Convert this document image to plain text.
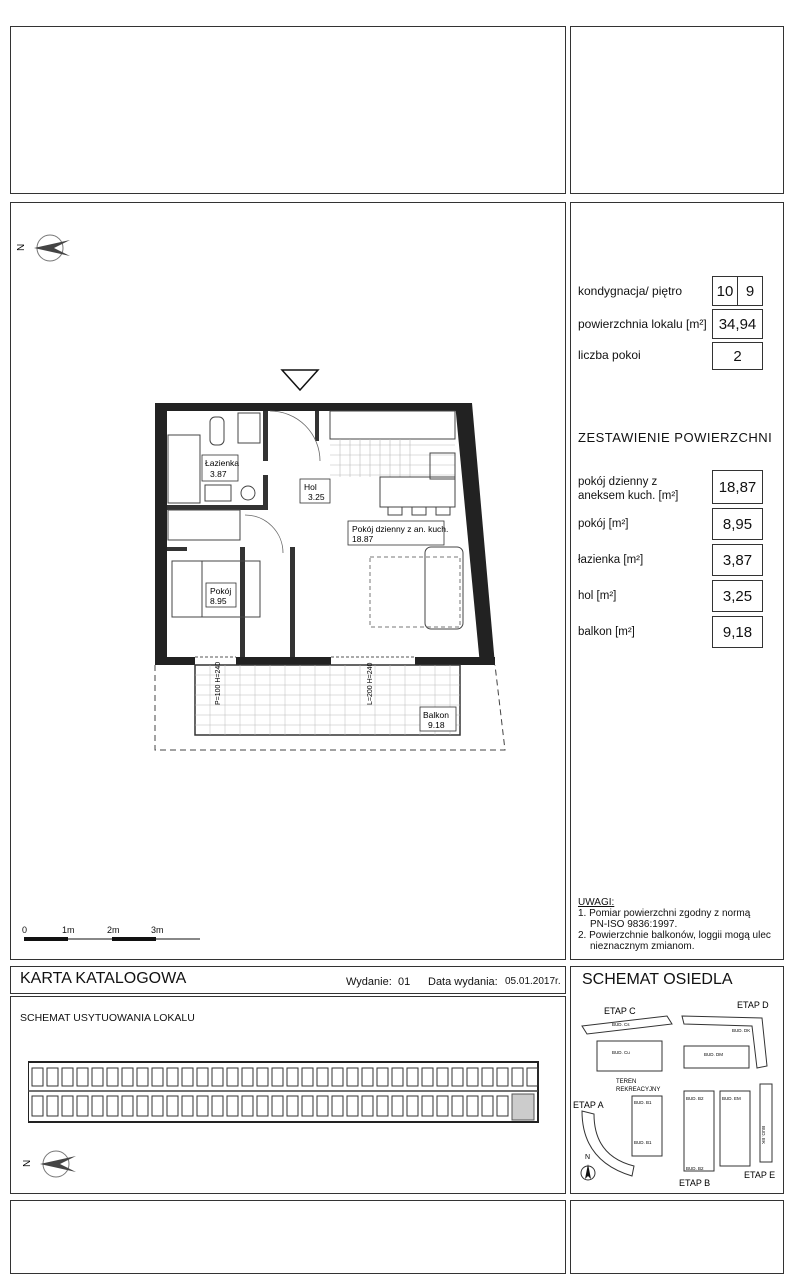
kondygnacja/ piętro 10 9
powierzchnia lokalu [m²] 34,94
liczba pokoi	2
ZESTAWIENIE POWIERZCHNI
pokój dzienny z
aneksem kuch. [m²]
18,87
pokój [m²]	8,95
łazienka [m²]	3,87
hol [m²]	3,25
balkon [m²]	9,18
UWAGI:
1. Pomiar powierzchni zgodny z normą
PN-ISO 9836:1997.
2. Powierzchnie balkonów, loggii mogą ulec
nieznacznym zmianom.
N
Łazienka
3.87
Hol
3.25
Pokój dzienny z an. kuch.
18.87
Pokój
8.95
Balkon
9.18
P=100 H=240	L=200 H=240
0	1m	2m	3m
KARTA KATALOGOWA	Wydanie: 01 Data wydania: 05.01.2017r.
SCHEMAT USYTUOWANIA LOKALU
SCHEMAT OSIEDLA
N
ETAP C
ETAP D
ETAP A
ETAP B
ETAP E
TEREN
REKREACYJNY
BUD. Cs
BUD. Cu
BUD. DK
BUD. DM
BUD. B1
BUD. B1
BUD. B2
BUD. B2
BUD. EM
BUD. EK
N
